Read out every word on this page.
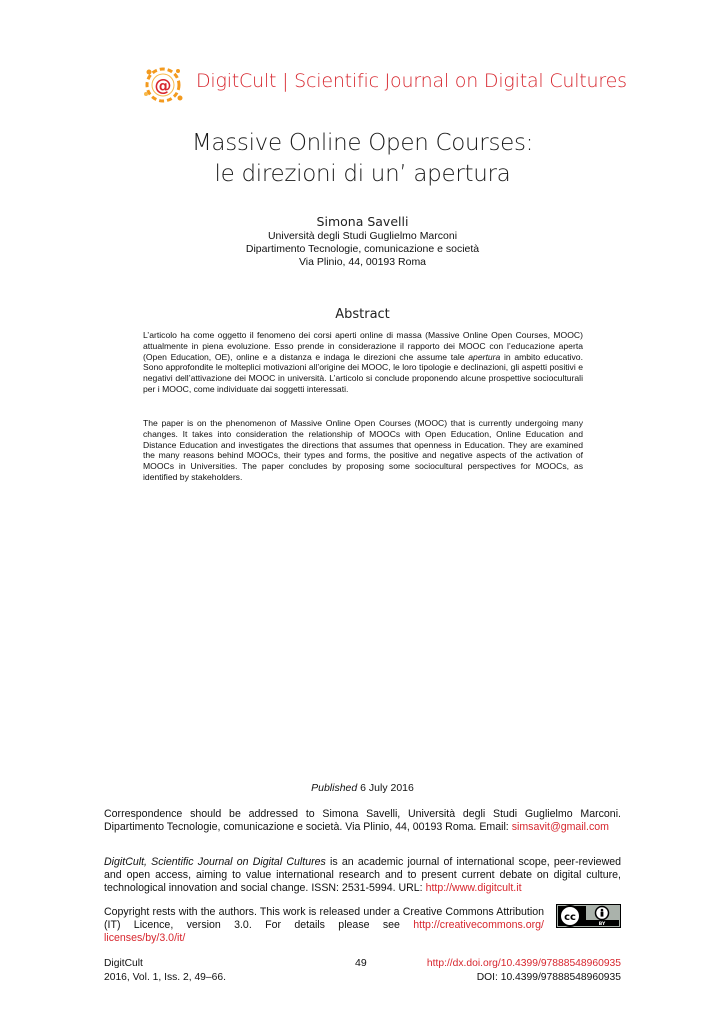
@ DigitCult | Scientific Journal on Digital Cultures
Massive Online Open Courses:
le direzioni di un’ apertura
Simona Savelli
Università degli Studi Guglielmo Marconi
Dipartimento Tecnologie, comunicazione e società
Via Plinio, 44, 00193 Roma
Abstract
L’articolo ha come oggetto il fenomeno dei corsi aperti online di massa (Massive Online Open Courses, MOOC) attualmente in piena evoluzione. Esso prende in considerazione il rapporto dei MOOC con l’educazione aperta (Open Education, OE), online e a distanza e indaga le direzioni che assume tale apertura in ambito educativo. Sono approfondite le molteplici motivazioni all’origine dei MOOC, le loro tipologie e declinazioni, gli aspetti positivi e negativi dell’attivazione dei MOOC in università. L’articolo si conclude proponendo alcune prospettive socioculturali per i MOOC, come individuate dai soggetti interessati.
The paper is on the phenomenon of Massive Online Open Courses (MOOC) that is currently undergoing many changes. It takes into consideration the relationship of MOOCs with Open Education, Online Education and Distance Education and investigates the directions that assumes that openness in Education. They are examined the many reasons behind MOOCs, their types and forms, the positive and negative aspects of the activation of MOOCs in Universities. The paper concludes by proposing some sociocultural perspectives for MOOCs, as identified by stakeholders.
Published 6 July 2016
Correspondence should be addressed to Simona Savelli, Università degli Studi Guglielmo Marconi. Dipartimento Tecnologie, comunicazione e società. Via Plinio, 44, 00193 Roma. Email: simsavit@gmail.com
DigitCult, Scientific Journal on Digital Cultures is an academic journal of international scope, peer-reviewed and open access, aiming to value international research and to present current debate on digital culture, technological innovation and social change. ISSN: 2531-5994. URL: http://www.digitcult.it
Copyright rests with the authors. This work is released under a Creative Commons Attribution (IT) Licence, version 3.0. For details please see http://creativecommons.org/ licenses/by/3.0/it/
cc
BY
DigitCult
2016, Vol. 1, Iss. 2, 49–66.
49	http://dx.doi.org/10.4399/97888548960935
DOI: 10.4399/97888548960935
